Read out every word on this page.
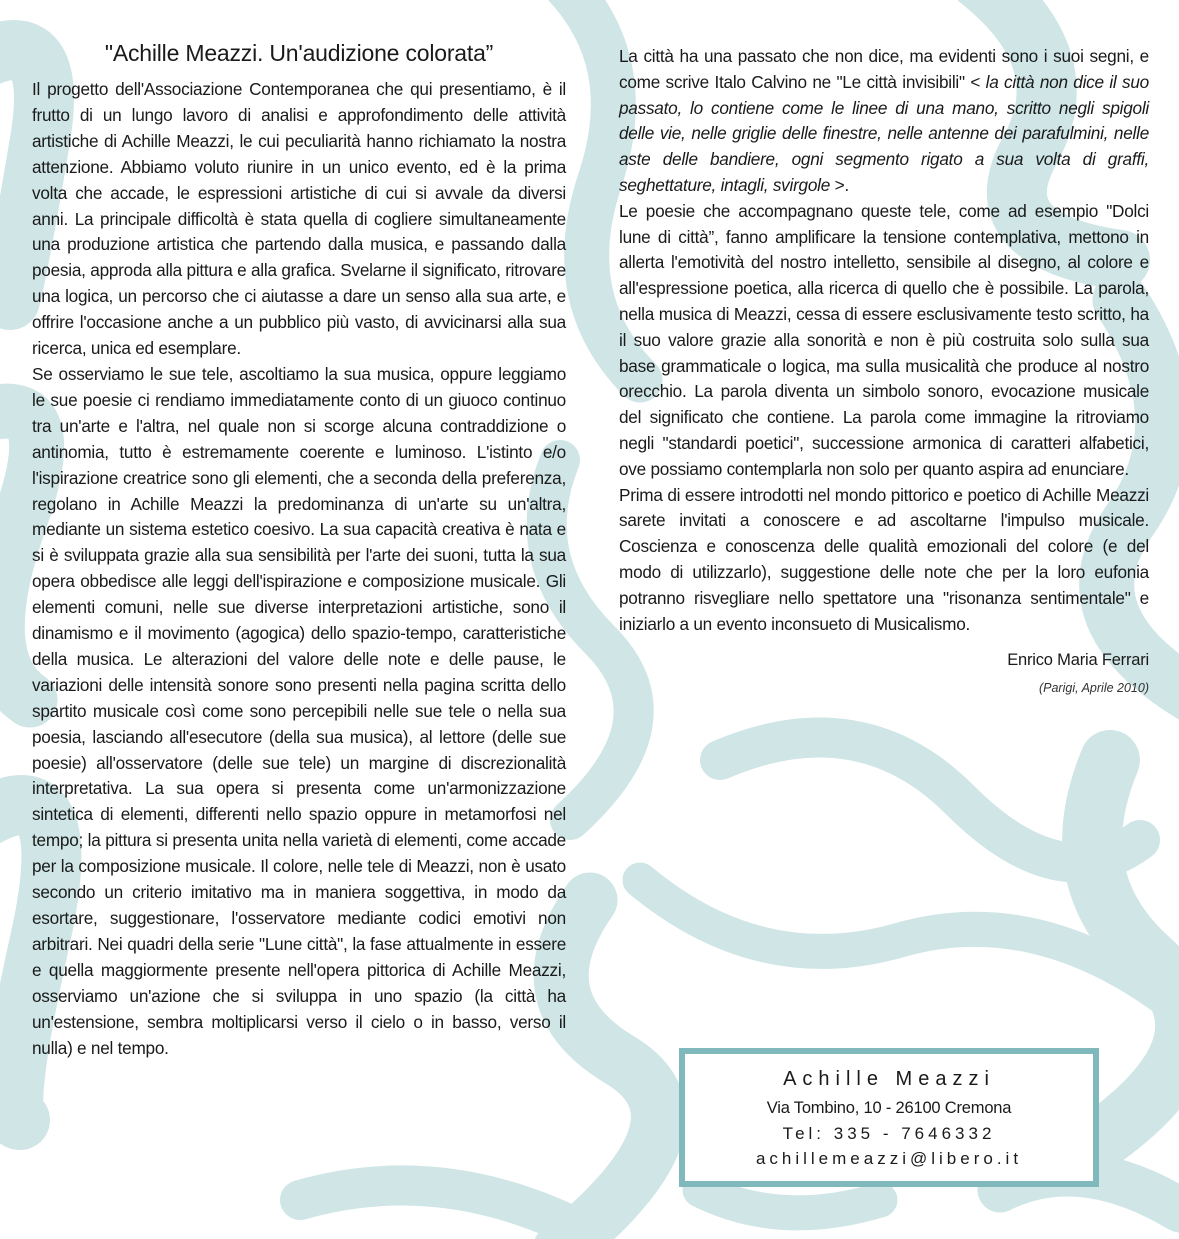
"Achille Meazzi. Un'audizione colorata”

Il progetto dell'Associazione Contemporanea che qui presentiamo, è il frutto di un lungo lavoro di analisi e approfondimento delle attività artistiche di Achille Meazzi, le cui peculiarità hanno richiamato la nostra attenzione. Abbiamo voluto riunire in un unico evento, ed è la prima volta che accade, le espressioni artistiche di cui si avvale da diversi anni. La principale difficoltà è stata quella di cogliere simultaneamente una produzione artistica che partendo dalla musica, e passando dalla poesia, approda alla pittura e alla grafica. Svelarne il significato, ritrovare una logica, un percorso che ci aiutasse a dare un senso alla sua arte, e offrire l'occasione anche a un pubblico più vasto, di avvicinarsi alla sua ricerca, unica ed esemplare.

Se osserviamo le sue tele, ascoltiamo la sua musica, oppure leggiamo le sue poesie ci rendiamo immediatamente conto di un giuoco continuo tra un'arte e l'altra, nel quale non si scorge alcuna contraddizione o antinomia, tutto è estremamente coerente e luminoso. L'istinto e/o l'ispirazione creatrice sono gli elementi, che a seconda della preferenza, regolano in Achille Meazzi la predominanza di un'arte su un'altra, mediante un sistema estetico coesivo. La sua capacità creativa è nata e si è sviluppata grazie alla sua sensibilità per l'arte dei suoni, tutta la sua opera obbedisce alle leggi dell'ispirazione e composizione musicale. Gli elementi comuni, nelle sue diverse interpretazioni artistiche, sono il dinamismo e il movimento (agogica) dello spazio-tempo, caratteristiche della musica. Le alterazioni del valore delle note e delle pause, le variazioni delle intensità sonore sono presenti nella pagina scritta dello spartito musicale così come sono percepibili nelle sue tele o nella sua poesia, lasciando all'esecutore (della sua musica), al lettore (delle sue poesie) all'osservatore (delle sue tele) un margine di discrezionalità interpretativa. La sua opera si presenta come un'armonizzazione sintetica di elementi, differenti nello spazio oppure in metamorfosi nel tempo; la pittura si presenta unita nella varietà di elementi, come accade per la composizione musicale. Il colore, nelle tele di Meazzi, non è usato secondo un criterio imitativo ma in maniera soggettiva, in modo da esortare, suggestionare, l'osservatore mediante codici emotivi non arbitrari. Nei quadri della serie "Lune città", la fase attualmente in essere e quella maggiormente presente nell'opera pittorica di Achille Meazzi, osserviamo un'azione che si sviluppa in uno spazio (la città ha un'estensione, sembra moltiplicarsi verso il cielo o in basso, verso il nulla) e nel tempo.

La città ha una passato che non dice, ma evidenti sono i suoi segni, e come scrive Italo Calvino ne "Le città invisibili" < la città non dice il suo passato, lo contiene come le linee di una mano, scritto negli spigoli delle vie, nelle griglie delle finestre, nelle antenne dei parafulmini, nelle aste delle bandiere, ogni segmento rigato a sua volta di graffi, seghettature, intagli, svirgole >.

Le poesie che accompagnano queste tele, come ad esempio "Dolci lune di città”, fanno amplificare la tensione contemplativa, mettono in allerta l'emotività del nostro intelletto, sensibile al disegno, al colore e all'espressione poetica, alla ricerca di quello che è possibile. La parola, nella musica di Meazzi, cessa di essere esclusivamente testo scritto, ha il suo valore grazie alla sonorità e non è più costruita solo sulla sua base grammaticale o logica, ma sulla musicalità che produce al nostro orecchio. La parola diventa un simbolo sonoro, evocazione musicale del significato che contiene. La parola come immagine la ritroviamo negli "standardi poetici", successione armonica di caratteri alfabetici, ove possiamo contemplarla non solo per quanto aspira ad enunciare.

Prima di essere introdotti nel mondo pittorico e poetico di Achille Meazzi sarete invitati a conoscere e ad ascoltarne l'impulso musicale. Coscienza e conoscenza delle qualità emozionali del colore (e del modo di utilizzarlo), suggestione delle note che per la loro eufonia potranno risvegliare nello spettatore una "risonanza sentimentale" e iniziarlo a un evento inconsueto di Musicalismo.

Enrico Maria Ferrari
(Parigi, Aprile 2010)
Achille Meazzi
Via Tombino, 10 - 26100 Cremona
Tel: 335 - 7646332
achillemeazzi@libero.it
